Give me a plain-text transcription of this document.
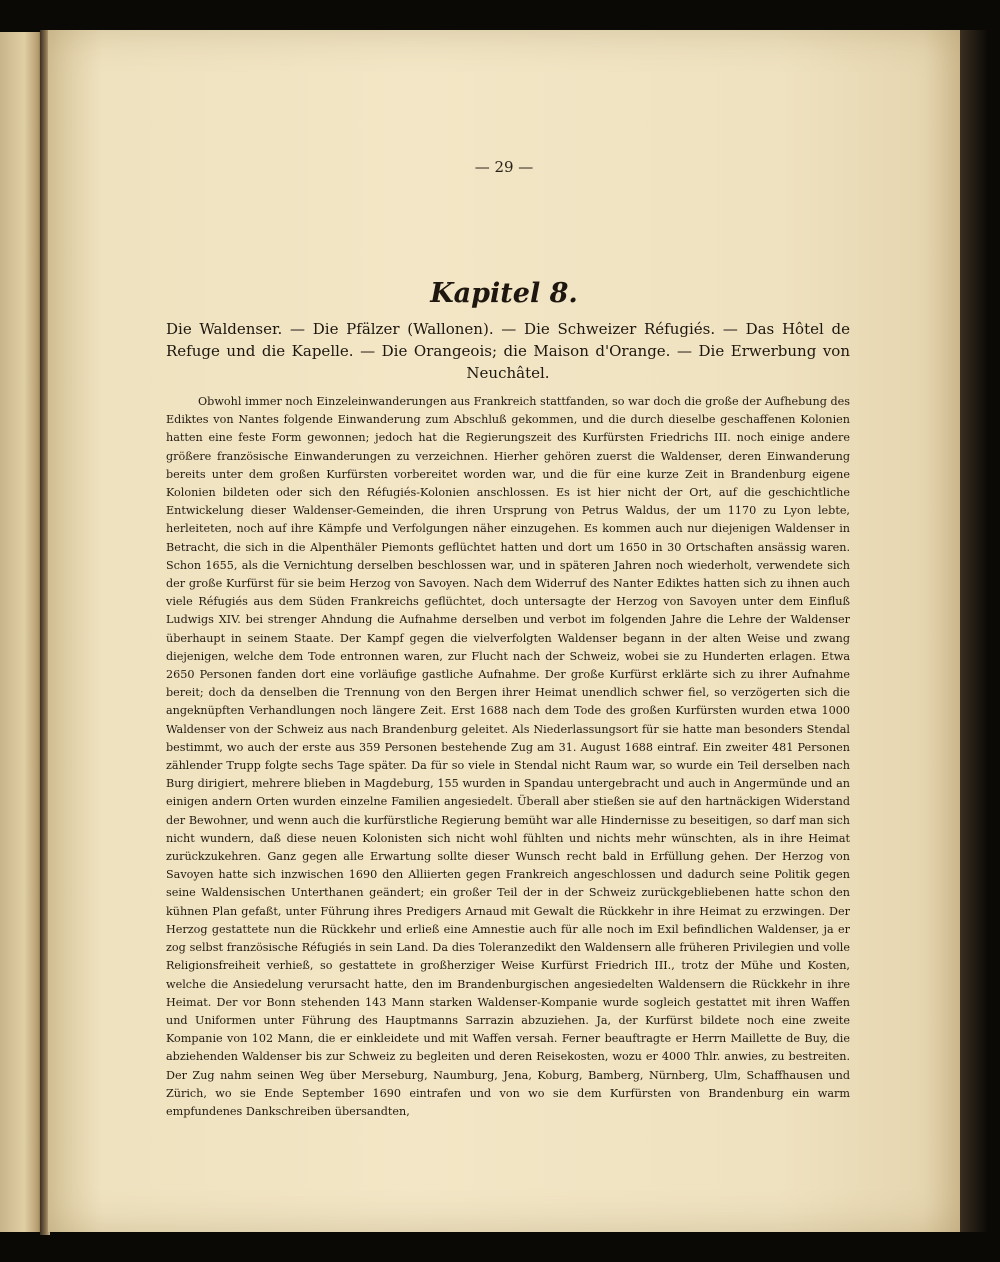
— 29 —
Kapitel 8.

Die Waldenser. — Die Pfälzer (Wallonen). — Die Schweizer Réfugiés. — Das Hôtel de Refuge und die Kapelle. — Die Orangeois; die Maison d'Orange. — Die Erwerbung von Neuchâtel.

Obwohl immer noch Einzeleinwanderungen aus Frankreich stattfanden, so war doch die große der Aufhebung des Ediktes von Nantes folgende Einwanderung zum Abschluß gekommen, und die durch dieselbe geschaffenen Kolonien hatten eine feste Form gewonnen; jedoch hat die Regierungszeit des Kurfürsten Friedrichs III. noch einige andere größere französische Einwanderungen zu verzeichnen. Hierher gehören zuerst die Waldenser, deren Einwanderung bereits unter dem großen Kurfürsten vorbereitet worden war, und die für eine kurze Zeit in Brandenburg eigene Kolonien bildeten oder sich den Réfugiés-Kolonien anschlossen. Es ist hier nicht der Ort, auf die geschichtliche Entwickelung dieser Waldenser-Gemeinden, die ihren Ursprung von Petrus Waldus, der um 1170 zu Lyon lebte, herleiteten, noch auf ihre Kämpfe und Verfolgungen näher einzugehen. Es kommen auch nur diejenigen Waldenser in Betracht, die sich in die Alpenthäler Piemonts geflüchtet hatten und dort um 1650 in 30 Ortschaften ansässig waren. Schon 1655, als die Vernichtung derselben beschlossen war, und in späteren Jahren noch wiederholt, verwendete sich der große Kurfürst für sie beim Herzog von Savoyen. Nach dem Widerruf des Nanter Ediktes hatten sich zu ihnen auch viele Réfugiés aus dem Süden Frankreichs geflüchtet, doch untersagte der Herzog von Savoyen unter dem Einfluß Ludwigs XIV. bei strenger Ahndung die Aufnahme derselben und verbot im folgenden Jahre die Lehre der Waldenser überhaupt in seinem Staate. Der Kampf gegen die vielverfolgten Waldenser begann in der alten Weise und zwang diejenigen, welche dem Tode entronnen waren, zur Flucht nach der Schweiz, wobei sie zu Hunderten erlagen. Etwa 2650 Personen fanden dort eine vorläufige gastliche Aufnahme. Der große Kurfürst erklärte sich zu ihrer Aufnahme bereit; doch da denselben die Trennung von den Bergen ihrer Heimat unendlich schwer fiel, so verzögerten sich die angeknüpften Verhandlungen noch längere Zeit. Erst 1688 nach dem Tode des großen Kurfürsten wurden etwa 1000 Waldenser von der Schweiz aus nach Brandenburg geleitet. Als Niederlassungsort für sie hatte man besonders Stendal bestimmt, wo auch der erste aus 359 Personen bestehende Zug am 31. August 1688 eintraf. Ein zweiter 481 Personen zählender Trupp folgte sechs Tage später. Da für so viele in Stendal nicht Raum war, so wurde ein Teil derselben nach Burg dirigiert, mehrere blieben in Magdeburg, 155 wurden in Spandau untergebracht und auch in Angermünde und an einigen andern Orten wurden einzelne Familien angesiedelt. Überall aber stießen sie auf den hartnäckigen Widerstand der Bewohner, und wenn auch die kurfürstliche Regierung bemüht war alle Hindernisse zu beseitigen, so darf man sich nicht wundern, daß diese neuen Kolonisten sich nicht wohl fühlten und nichts mehr wünschten, als in ihre Heimat zurückzukehren. Ganz gegen alle Erwartung sollte dieser Wunsch recht bald in Erfüllung gehen. Der Herzog von Savoyen hatte sich inzwischen 1690 den Alliierten gegen Frankreich angeschlossen und dadurch seine Politik gegen seine Waldensischen Unterthanen geändert; ein großer Teil der in der Schweiz zurückgebliebenen hatte schon den kühnen Plan gefaßt, unter Führung ihres Predigers Arnaud mit Gewalt die Rückkehr in ihre Heimat zu erzwingen. Der Herzog gestattete nun die Rückkehr und erließ eine Amnestie auch für alle noch im Exil befindlichen Waldenser, ja er zog selbst französische Réfugiés in sein Land. Da dies Toleranzedikt den Waldensern alle früheren Privilegien und volle Religionsfreiheit verhieß, so gestattete in großherziger Weise Kurfürst Friedrich III., trotz der Mühe und Kosten, welche die Ansiedelung verursacht hatte, den im Brandenburgischen angesiedelten Waldensern die Rückkehr in ihre Heimat. Der vor Bonn stehenden 143 Mann starken Waldenser-Kompanie wurde sogleich gestattet mit ihren Waffen und Uniformen unter Führung des Hauptmanns Sarrazin abzuziehen. Ja, der Kurfürst bildete noch eine zweite Kompanie von 102 Mann, die er einkleidete und mit Waffen versah. Ferner beauftragte er Herrn Maillette de Buy, die abziehenden Waldenser bis zur Schweiz zu begleiten und deren Reisekosten, wozu er 4000 Thlr. anwies, zu bestreiten. Der Zug nahm seinen Weg über Merseburg, Naumburg, Jena, Koburg, Bamberg, Nürnberg, Ulm, Schaffhausen und Zürich, wo sie Ende September 1690 eintrafen und von wo sie dem Kurfürsten von Brandenburg ein warm empfundenes Dankschreiben übersandten,
